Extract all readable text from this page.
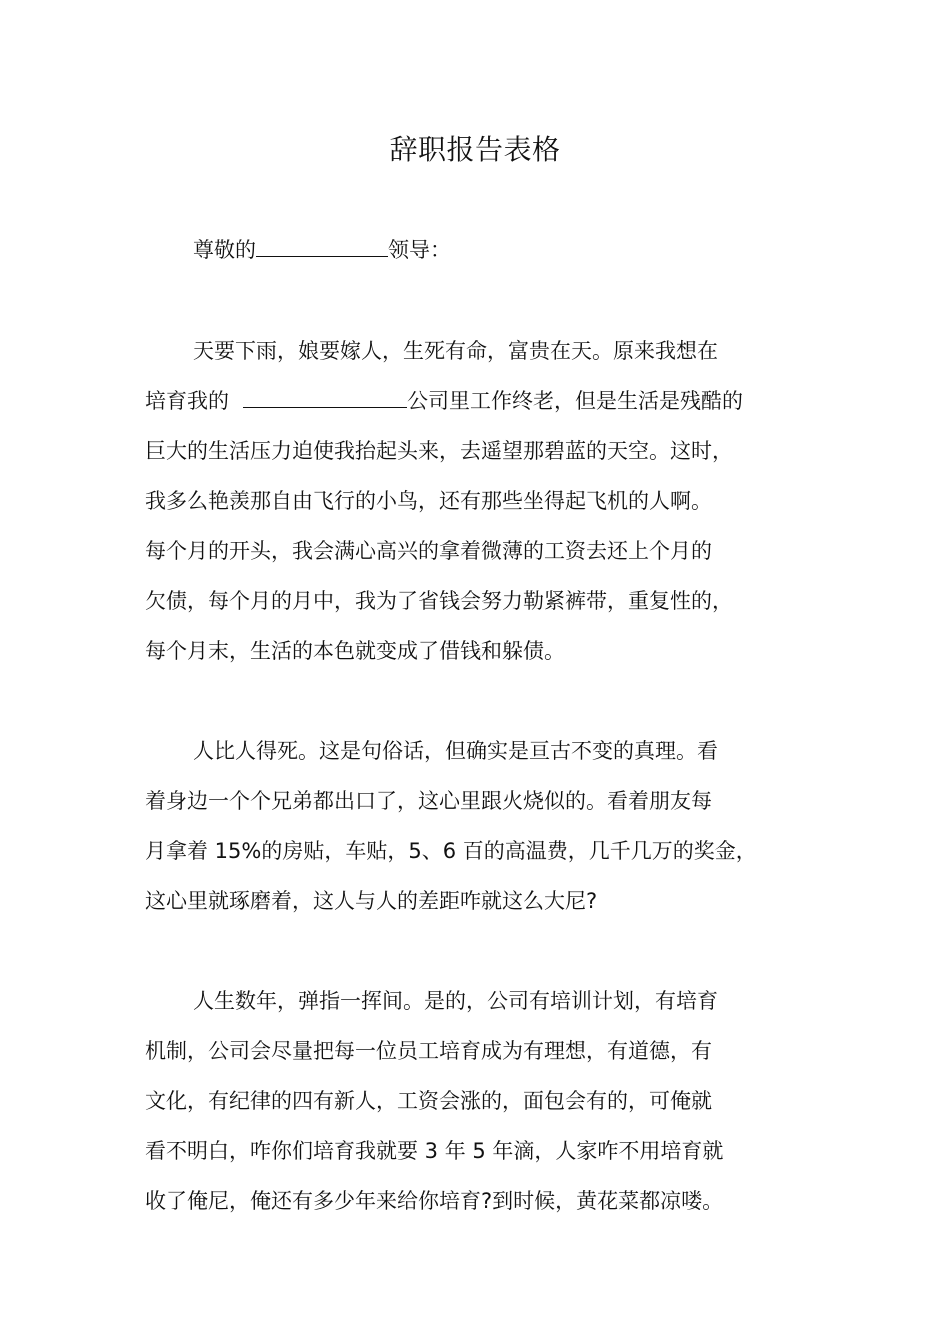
辞职报告表格

尊敬的	领导：

天要下雨，娘要嫁人，生死有命，富贵在天。原来我想在
培育我的	公司里工作终老，但是生活是残酷的
巨大的生活压力迫使我抬起头来，去遥望那碧蓝的天空。这时，
我多么艳羡那自由飞行的小鸟，还有那些坐得起飞机的人啊。
每个月的开头，我会满心高兴的拿着微薄的工资去还上个月的
欠债，每个月的月中，我为了省钱会努力勒紧裤带，重复性的，
每个月末，生活的本色就变成了借钱和躲债。
人比人得死。这是句俗话，但确实是亘古不变的真理。看
着身边一个个兄弟都出口了，这心里跟火烧似的。看着朋友每
月拿着 15%的房贴，车贴，5、6 百的高温费，几千几万的奖金，
这心里就琢磨着，这人与人的差距咋就这么大尼?
人生数年，弹指一挥间。是的，公司有培训计划，有培育
机制，公司会尽量把每一位员工培育成为有理想，有道德，有
文化，有纪律的四有新人，工资会涨的，面包会有的，可俺就
看不明白，咋你们培育我就要 3 年 5 年滴，人家咋不用培育就
收了俺尼，俺还有多少年来给你培育?到时候，黄花菜都凉喽。
